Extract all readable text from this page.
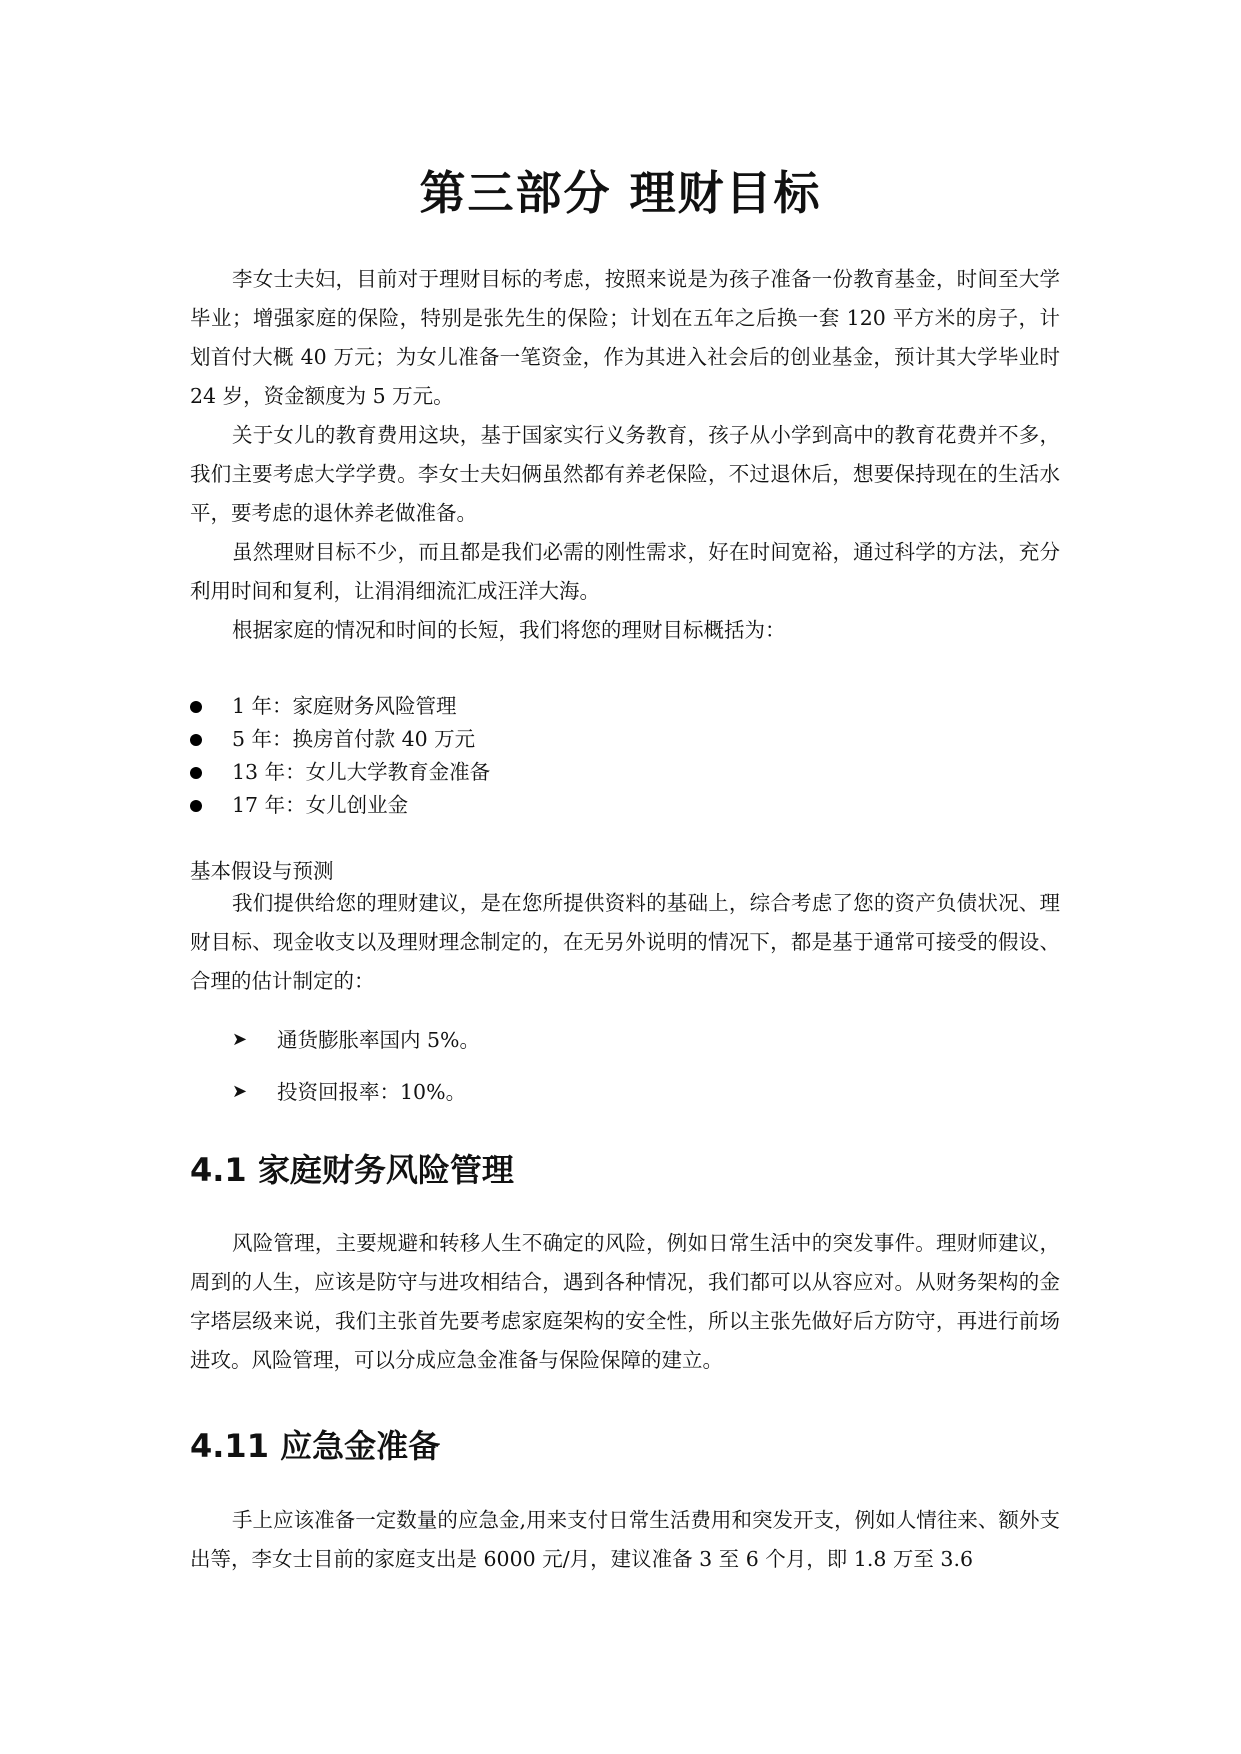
第三部分 理财目标

李女士夫妇，目前对于理财目标的考虑，按照来说是为孩子准备一份教育基金，时间至大学毕业；增强家庭的保险，特别是张先生的保险；计划在五年之后换一套 120 平方米的房子，计划首付大概 40 万元；为女儿准备一笔资金，作为其进入社会后的创业基金，预计其大学毕业时 24 岁，资金额度为 5 万元。

关于女儿的教育费用这块，基于国家实行义务教育，孩子从小学到高中的教育花费并不多，我们主要考虑大学学费。李女士夫妇俩虽然都有养老保险，不过退休后，想要保持现在的生活水平，要考虑的退休养老做准备。

虽然理财目标不少，而且都是我们必需的刚性需求，好在时间宽裕，通过科学的方法，充分利用时间和复利，让涓涓细流汇成汪洋大海。

根据家庭的情况和时间的长短，我们将您的理财目标概括为：

1 年：家庭财务风险管理
5 年：换房首付款 40 万元
13 年：女儿大学教育金准备
17 年：女儿创业金

基本假设与预测

我们提供给您的理财建议，是在您所提供资料的基础上，综合考虑了您的资产负债状况、理财目标、现金收支以及理财理念制定的，在无另外说明的情况下，都是基于通常可接受的假设、合理的估计制定的：

➤ 通货膨胀率国内 5%。
➤ 投资回报率：10%。
4.1 家庭财务风险管理

风险管理，主要规避和转移人生不确定的风险，例如日常生活中的突发事件。理财师建议，周到的人生，应该是防守与进攻相结合，遇到各种情况，我们都可以从容应对。从财务架构的金字塔层级来说，我们主张首先要考虑家庭架构的安全性，所以主张先做好后方防守，再进行前场进攻。风险管理，可以分成应急金准备与保险保障的建立。

4.11 应急金准备

手上应该准备一定数量的应急金,用来支付日常生活费用和突发开支，例如人情往来、额外支出等，李女士目前的家庭支出是 6000 元/月，建议准备 3 至 6 个月，即 1.8 万至 3.6
